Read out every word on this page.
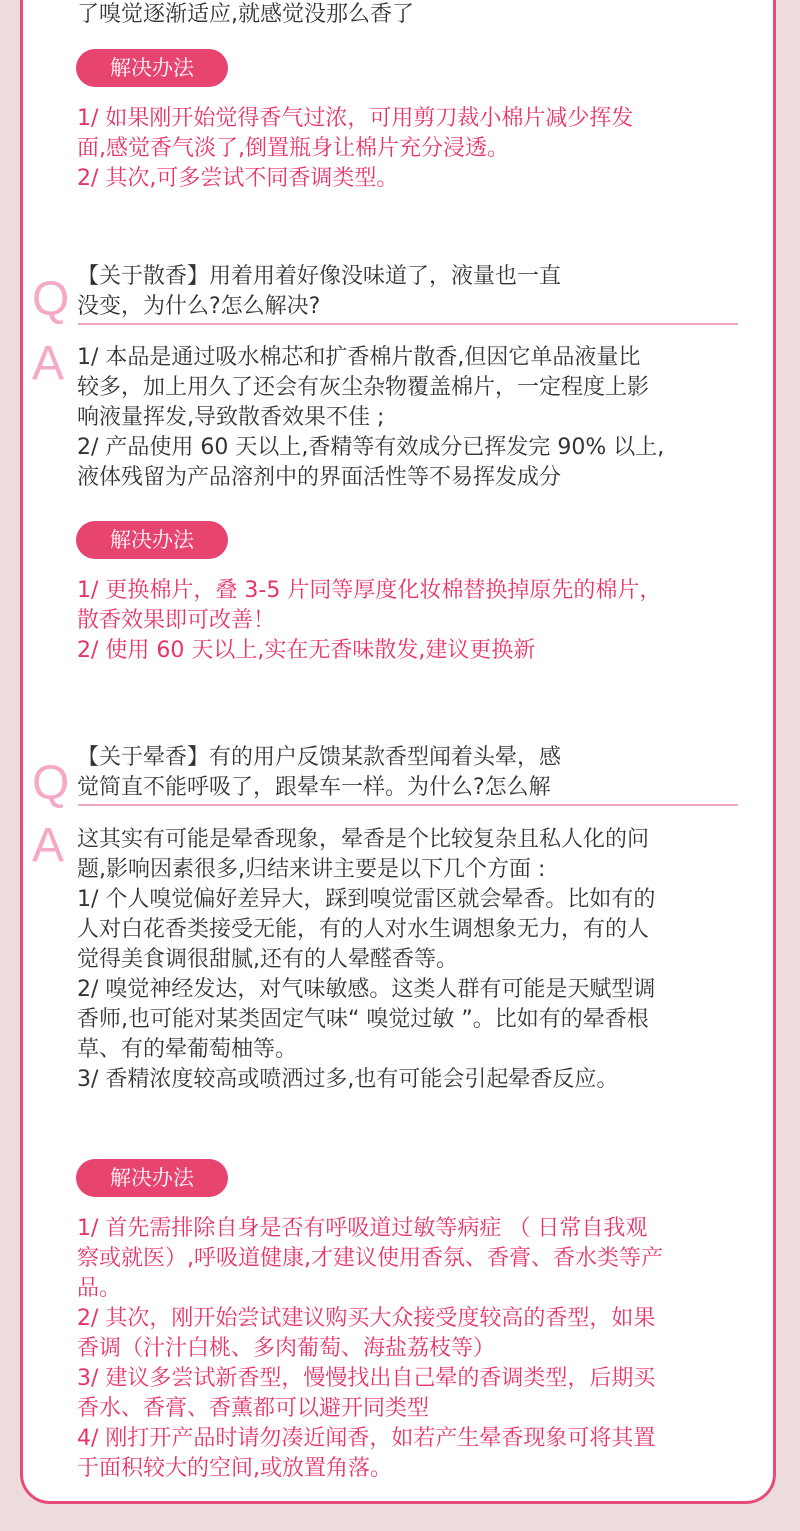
了嗅觉逐渐适应,就感觉没那么香了
解决办法
1/ 如果刚开始觉得香气过浓，可用剪刀裁小棉片减少挥发
面,感觉香气淡了,倒置瓶身让棉片充分浸透。
2/ 其次,可多尝试不同香调类型。
Q 【关于散香】用着用着好像没味道了，液量也一直
没变，为什么?怎么解决?
A 1/ 本品是通过吸水棉芯和扩香棉片散香,但因它单品液量比
较多，加上用久了还会有灰尘杂物覆盖棉片，一定程度上影
响液量挥发,导致散香效果不佳 ;
2/ 产品使用 60 天以上,香精等有效成分已挥发完 90% 以上,
液体残留为产品溶剂中的界面活性等不易挥发成分
解决办法
1/ 更换棉片，叠 3-5 片同等厚度化妆棉替换掉原先的棉片，
散香效果即可改善！
2/ 使用 60 天以上,实在无香味散发,建议更换新
Q 【关于晕香】有的用户反馈某款香型闻着头晕，感
觉简直不能呼吸了，跟晕车一样。为什么?怎么解
A 这其实有可能是晕香现象，晕香是个比较复杂且私人化的问
题,影响因素很多,归结来讲主要是以下几个方面 :
1/ 个人嗅觉偏好差异大，踩到嗅觉雷区就会晕香。比如有的
人对白花香类接受无能，有的人对水生调想象无力，有的人
觉得美食调很甜腻,还有的人晕醛香等。
2/ 嗅觉神经发达，对气味敏感。这类人群有可能是天赋型调
香师,也可能对某类固定气味“ 嗅觉过敏 ”。比如有的晕香根
草、有的晕葡萄柚等。
3/ 香精浓度较高或喷洒过多,也有可能会引起晕香反应。
解决办法
1/ 首先需排除自身是否有呼吸道过敏等病症 （ 日常自我观
察或就医）,呼吸道健康,才建议使用香氛、香膏、香水类等产
品。
2/ 其次，刚开始尝试建议购买大众接受度较高的香型，如果
香调（汁汁白桃、多肉葡萄、海盐荔枝等）
3/ 建议多尝试新香型，慢慢找出自己晕的香调类型，后期买
香水、香膏、香薰都可以避开同类型
4/ 刚打开产品时请勿凑近闻香，如若产生晕香现象可将其置
于面积较大的空间,或放置角落。
